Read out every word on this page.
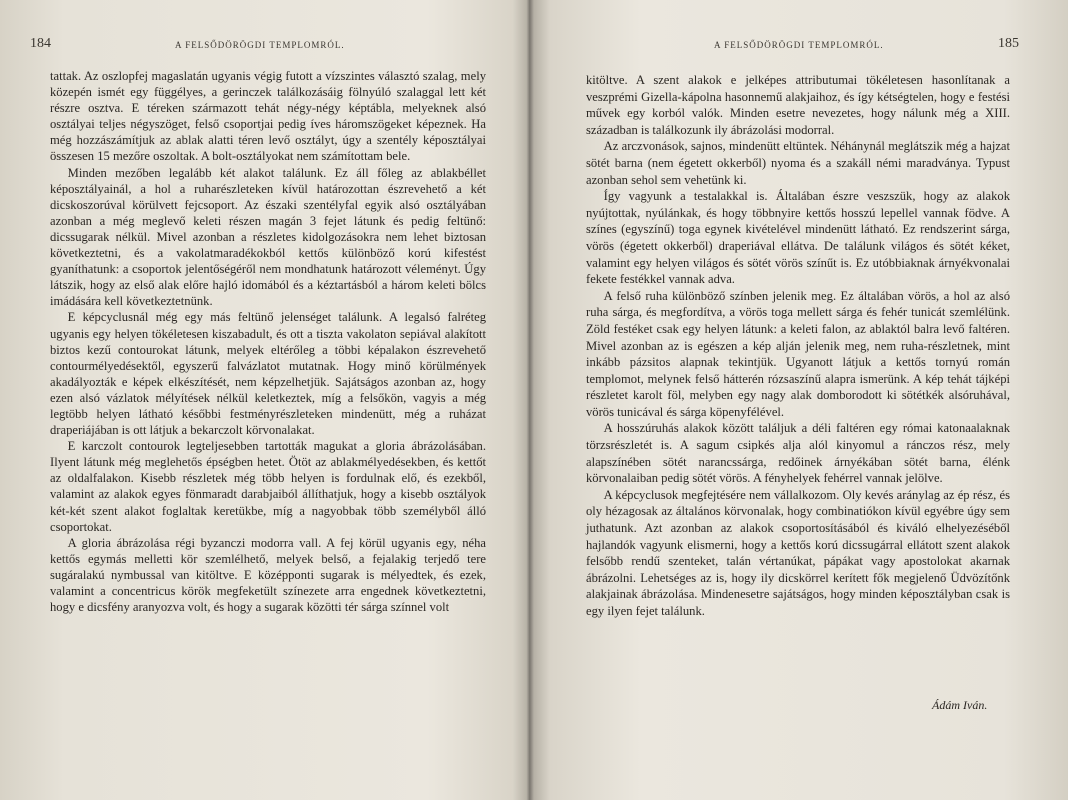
184	A FELSŐDÖRÖGDI TEMPLOMRÓL.

tattak. Az oszlopfej magaslatán ugyanis végig futott a vízszintes választó szalag, mely közepén ismét egy függélyes, a gerinczek találkozásáig fölnyúló szalaggal lett két részre osztva. E téreken származott tehát négy-négy képtábla, melyeknek alsó osztályai teljes négyszöget, felső csoportjai pedig íves háromszögeket képeznek. Ha még hozzászámítjuk az ablak alatti téren levő osztályt, úgy a szentély képosztályai összesen 15 mezőre oszoltak. A bolt-osztályokat nem számítottam bele.

Minden mezőben legalább két alakot találunk. Ez áll főleg az ablakbéllet képosztályainál, a hol a ruharészleteken kívül határozottan észrevehető a két dicskoszorúval körülvett fejcsoport. Az északi szentélyfal egyik alsó osztályában azonban a még meglevő keleti részen magán 3 fejet látunk és pedig feltünő: dicssugarak nélkül. Mivel azonban a részletes kidolgozásokra nem lehet biztosan következtetni, és a vakolatmaradékokból kettős különböző korú kifestést gyaníthatunk: a csoportok jelentőségéről nem mondhatunk határozott véleményt. Úgy látszik, hogy az első alak előre hajló idomából és a kéztartásból a három keleti bölcs imádására kell következtetnünk.

E képcyclusnál még egy más feltünő jelenséget találunk. A legalsó falréteg ugyanis egy helyen tökéletesen kiszabadult, és ott a tiszta vakolaton sepiával alakított biztos kezű contourokat látunk, melyek eltérőleg a többi képalakon észrevehető contourmélyedésektől, egyszerű falvázlatot mutatnak. Hogy minő körülmények akadályozták e képek elkészítését, nem képzelhetjük. Sajátságos azonban az, hogy ezen alsó vázlatok mélyítések nélkül keletkeztek, míg a felsőkön, vagyis a még legtöbb helyen látható későbbi festményrészleteken mindenütt, még a ruházat draperiájában is ott látjuk a bekarczolt körvonalakat.

E karczolt contourok legteljesebben tartották magukat a gloria ábrázolásában. Ilyent látunk még meglehetős épségben hetet. Ötöt az ablakmélyedésekben, és kettőt az oldalfalakon. Kisebb részletek még több helyen is fordulnak elő, és ezekből, valamint az alakok egyes fönmaradt darabjaiból állíthatjuk, hogy a kisebb osztályok két-két szent alakot foglaltak keretükbe, míg a nagyobbak több személyből álló csoportokat.

A gloria ábrázolása régi byzanczi modorra vall. A fej körül ugyanis egy, néha kettős egymás melletti kör szemlélhető, melyek belső, a fejalakig terjedő tere sugáralakú nymbussal van kitöltve. E középponti sugarak is mélyedtek, és ezek, valamint a concentricus körök megfeketült színezete arra engednek következtetni, hogy e dicsfény aranyozva volt, és hogy a sugarak közötti tér sárga színnel volt

A FELSŐDÖRÖGDI TEMPLOMRÓL.	185

kitöltve. A szent alakok e jelképes attributumai tökéletesen hasonlítanak a veszprémi Gizella-kápolna hasonnemű alakjaihoz, és így kétségtelen, hogy e festési művek egy korból valók. Minden esetre nevezetes, hogy nálunk még a XIII. században is találkozunk ily ábrázolási modorral.

Az arczvonások, sajnos, mindenütt eltüntek. Néhánynál meglátszik még a hajzat sötét barna (nem égetett okkerből) nyoma és a szakáll némi maradványa. Typust azonban sehol sem vehetünk ki.

Így vagyunk a testalakkal is. Általában észre veszszük, hogy az alakok nyújtottak, nyúlánkak, és hogy többnyire kettős hosszú lepellel vannak födve. A színes (egyszínű) toga egynek kivételével mindenütt látható. Ez rendszerint sárga, vörös (égetett okkerből) draperiával ellátva. De találunk világos és sötét kéket, valamint egy helyen világos és sötét vörös színűt is. Ez utóbbiaknak árnyékvonalai fekete festékkel vannak adva.

A felső ruha különböző színben jelenik meg. Ez általában vörös, a hol az alsó ruha sárga, és megfordítva, a vörös toga mellett sárga és fehér tunicát szemlélünk. Zöld festéket csak egy helyen látunk: a keleti falon, az ablaktól balra levő faltéren. Mivel azonban az is egészen a kép alján jelenik meg, nem ruha-részletnek, mint inkább pázsitos alapnak tekintjük. Ugyanott látjuk a kettős tornyú román templomot, melynek felső hátterén rózsaszínű alapra ismerünk. A kép tehát tájképi részletet karolt föl, melyben egy nagy alak domborodott ki sötétkék alsóruhával, vörös tunicával és sárga köpenyfélével.

A hosszúruhás alakok között találjuk a déli faltéren egy római katonaalaknak törzsrészletét is. A sagum csipkés alja alól kinyomul a ránczos rész, mely alapszínében sötét narancssárga, redőinek árnyékában sötét barna, élénk körvonalaiban pedig sötét vörös. A fényhelyek fehérrel vannak jelölve.

A képcyclusok megfejtésére nem vállalkozom. Oly kevés aránylag az ép rész, és oly hézagosak az általános körvonalak, hogy combinatiókon kívül egyébre úgy sem juthatunk. Azt azonban az alakok csoportosításából és kiváló elhelyezéséből hajlandók vagyunk elismerni, hogy a kettős korú dicssugárral ellátott szent alakok felsőbb rendű szenteket, talán vértanúkat, pápákat vagy apostolokat akarnak ábrázolni. Lehetséges az is, hogy ily dicskörrel kerített fők megjelenő Üdvözítőnk alakjainak ábrázolása. Mindenesetre sajátságos, hogy minden képosztályban csak is egy ilyen fejet találunk.

Ádám Iván.
